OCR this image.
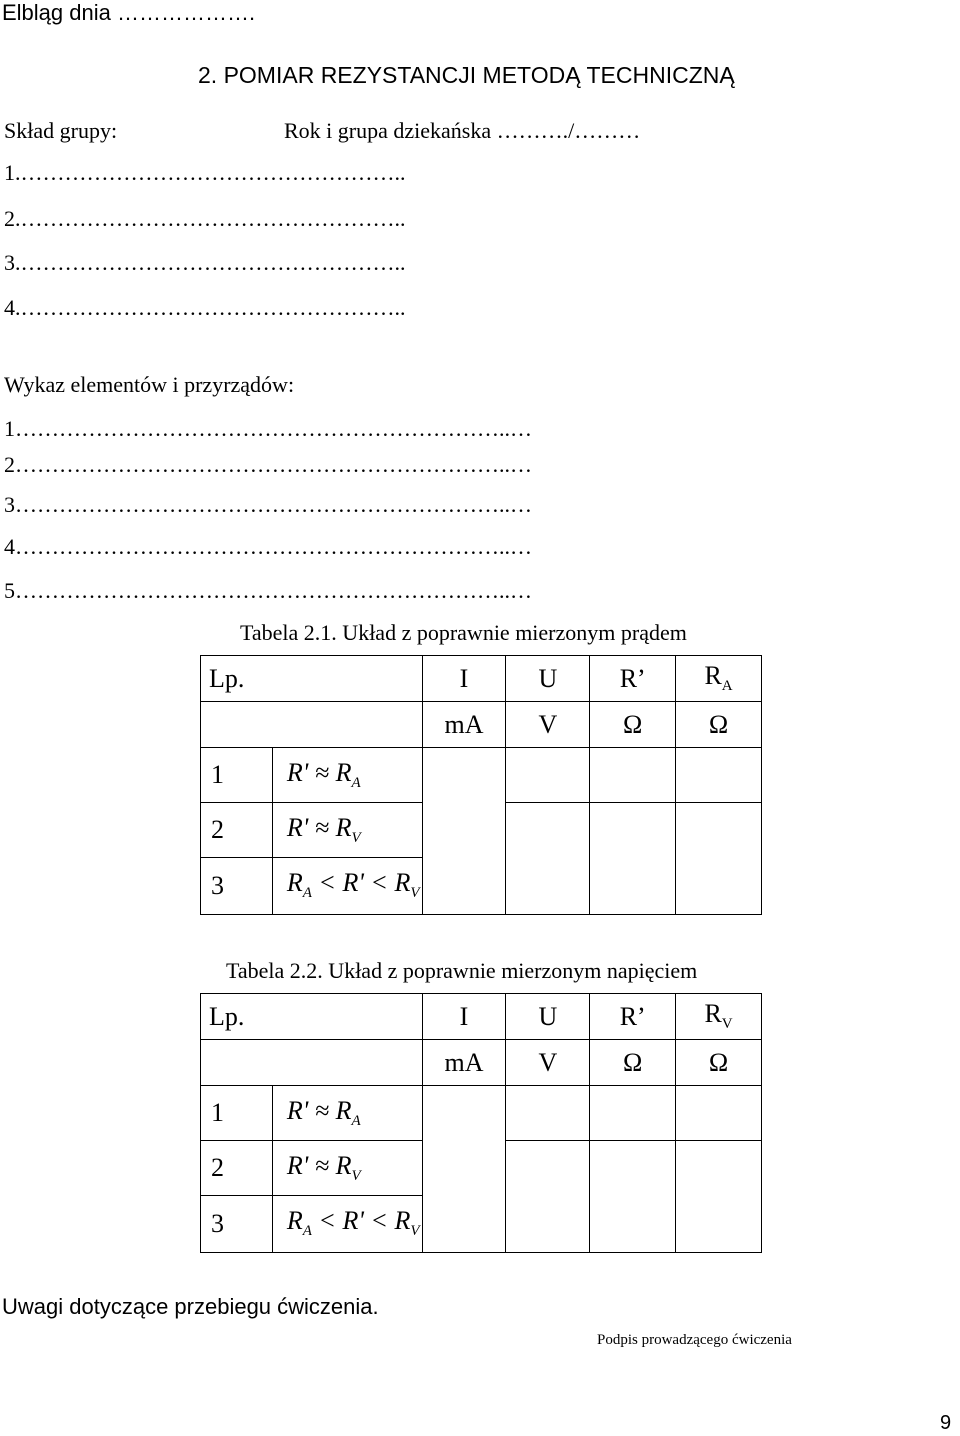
Elbląg dnia ……………….
2. POMIAR REZYSTANCJI METODĄ TECHNICZNĄ
Skład grupy:	Rok i grupa dziekańska ………./………
1.……………………………………………..
2.……………………………………………..
3.……………………………………………..
4.……………………………………………..
Wykaz elementów i przyrządów:
1…………………………………………………………..…
2…………………………………………………………..…
3…………………………………………………………..…
4…………………………………………………………..…
5…………………………………………………………..…
Tabela 2.1. Układ z poprawnie mierzonym prądem
Lp.		I	U	R’	$R_A$
		mA	V	Ω	Ω
1	$R' \approx R_A$				
2	$R' \approx R_V$			
3	$R_A < R' < R_V$
Tabela 2.2. Układ z poprawnie mierzonym napięciem
Lp.		I	U	R’	$R_V$
		mA	V	Ω	Ω
1	$R' \approx R_A$				
2	$R' \approx R_V$			
3	$R_A < R' < R_V$
Uwagi dotyczące przebiegu ćwiczenia.
Podpis prowadzącego ćwiczenia
9
